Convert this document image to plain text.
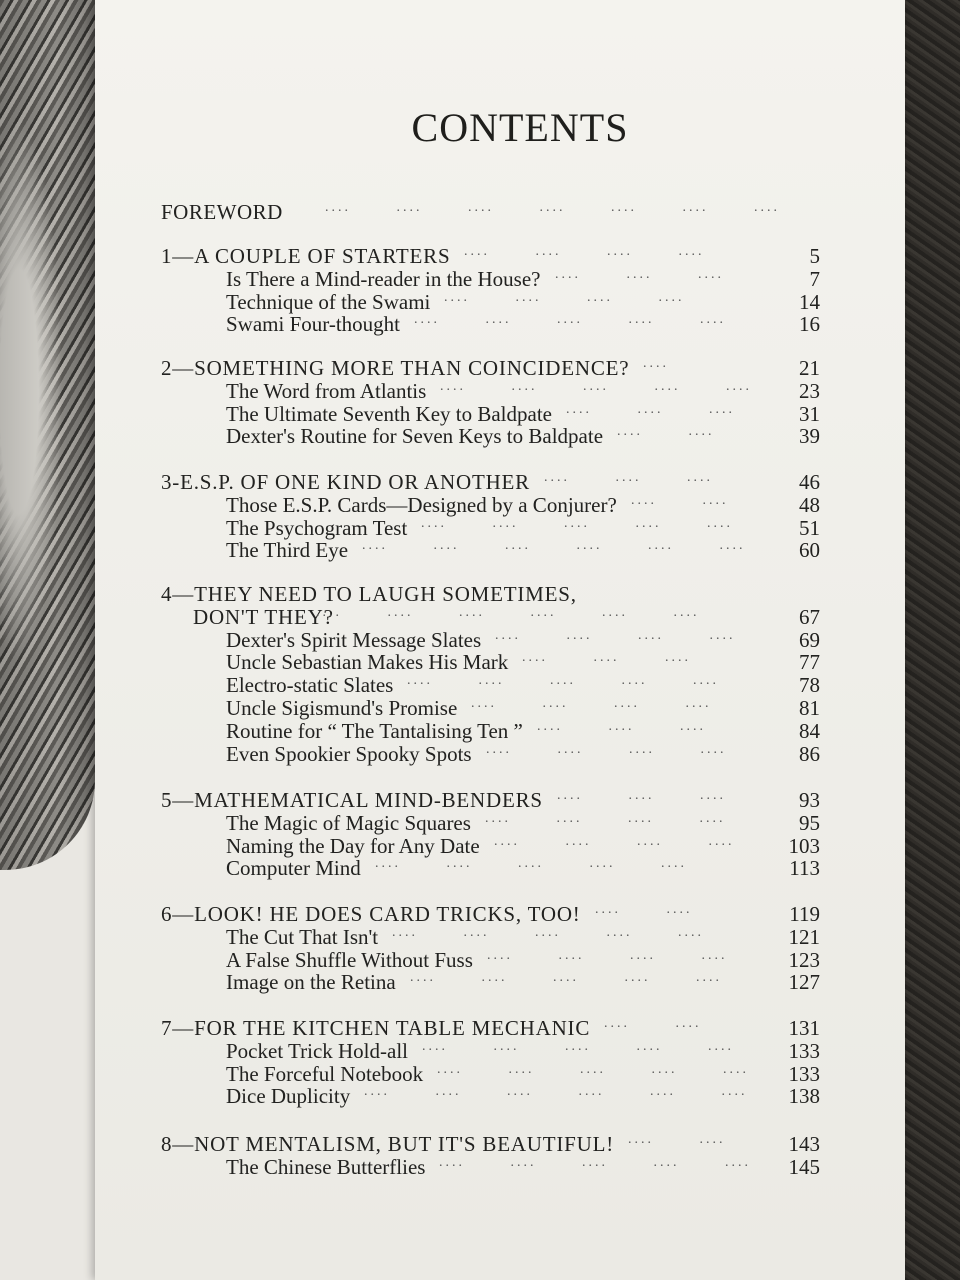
CONTENTS
FOREWORD	....       ....       ....       ....       ....       ....       ....
1—A COUPLE OF STARTERS ....       ....       ....       ....	5
Is There a Mind-reader in the House? ....       ....       ....	7
Technique of the Swami ....       ....       ....       ....	14
Swami Four-thought ....       ....       ....       ....       ....	16
2—SOMETHING MORE THAN COINCIDENCE? ....	21
The Word from Atlantis ....       ....       ....       ....       ....	23
The Ultimate Seventh Key to Baldpate ....       ....       ....	31
Dexter's Routine for Seven Keys to Baldpate ....       ....	39
3-E.S.P. OF ONE KIND OR ANOTHER ....       ....       ....	46
Those E.S.P. Cards—Designed by a Conjurer? ....       ....	48
The Psychogram Test ....       ....       ....       ....       ....	51
The Third Eye ....       ....       ....       ....       ....       ....	60
4—THEY NEED TO LAUGH SOMETIMES,
DON'T THEY?
....       ....       ....       ....       ....       ....	67
Dexter's Spirit Message Slates ....       ....       ....       ....	69
Uncle Sebastian Makes His Mark ....       ....       ....	77
Electro-static Slates ....       ....       ....       ....       ....	78
Uncle Sigismund's Promise ....       ....       ....       ....	81
Routine for “ The Tantalising Ten ” ....       ....       ....	84
Even Spookier Spooky Spots ....       ....       ....       ....	86
5—MATHEMATICAL MIND-BENDERS ....       ....       ....	93
The Magic of Magic Squares ....       ....       ....       ....	95
Naming the Day for Any Date ....       ....       ....       ....	103
Computer Mind ....       ....       ....       ....       ....	113
6—LOOK! HE DOES CARD TRICKS, TOO! ....       ....	119
The Cut That Isn't ....       ....       ....       ....       ....	121
A False Shuffle Without Fuss ....       ....       ....       ....	123
Image on the Retina ....       ....       ....       ....       ....	127
7—FOR THE KITCHEN TABLE MECHANIC ....       ....	131
Pocket Trick Hold-all ....       ....       ....       ....       ....	133
The Forceful Notebook ....       ....       ....       ....       ....	133
Dice Duplicity ....       ....       ....       ....       ....       ....	138
8—NOT MENTALISM, BUT IT'S BEAUTIFUL! ....       ....	143
The Chinese Butterflies ....       ....       ....       ....       ....	145
